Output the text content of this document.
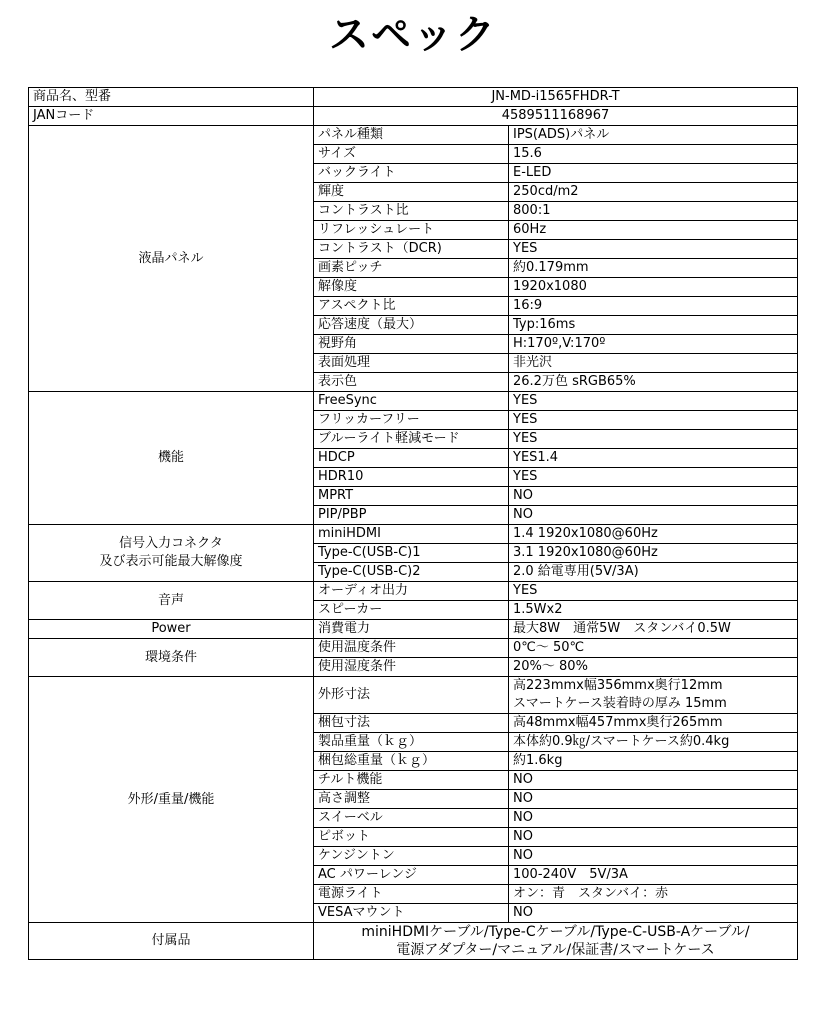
スペック
商品名、型番	JN-MD-i1565FHDR-T	
JANコード	4589511168967	
液晶パネル	パネル種類	IPS(ADS)パネル
	サイズ	15.6
	バックライト	E-LED
	輝度	250cd/m2
	コントラスト比	800:1
	リフレッシュレート	60Hz
	コントラスト（DCR)	YES
	画素ピッチ	約0.179mm
	解像度	1920x1080
	アスペクト比	16:9
	応答速度（最大）	Typ:16ms
	視野角	H:170º,V:170º
	表面処理	非光沢
	表示色	26.2万色 sRGB65%
機能	FreeSync	YES
	フリッカーフリー	YES
	ブルーライト軽減モード	YES
	HDCP	YES1.4
	HDR10	YES
	MPRT	NO
	PIP/PBP	NO

信号入力コネクタ
及び表示可能最大解像度	miniHDMI	1.4 1920x1080@60Hz
	Type-C(USB-C)1	3.1 1920x1080@60Hz
	Type-C(USB-C)2	2.0 給電専用(5V/3A)
音声	オーディオ出力	YES
	スピーカー	1.5Wx2
Power	消費電力	最大8W　通常5W　スタンバイ0.5W
環境条件	使用温度条件	0℃～ 50℃
	使用湿度条件	20%～ 80%
外形/重量/機能	外形寸法	高223mmx幅356mmx奥行12mm
スマートケース装着時の厚み 15mm

	梱包寸法	高48mmx幅457mmx奥行265mm
	製品重量（ｋｇ）	本体約0.9㎏/スマートケース約0.4kg
	梱包総重量（ｋｇ）	約1.6kg
	チルト機能	NO
	高さ調整	NO
	スイーベル	NO
	ピボット	NO
	ケンジントン	NO
	AC パワーレンジ	100-240V　5V/3A
	電源ライト	オン：青　スタンバイ：赤
	VESAマウント	NO
付属品	miniHDMIケーブル/Type-Cケーブル/Type-C-USB-Aケーブル/
電源アダプター/マニュアル/保証書/スマートケース	
